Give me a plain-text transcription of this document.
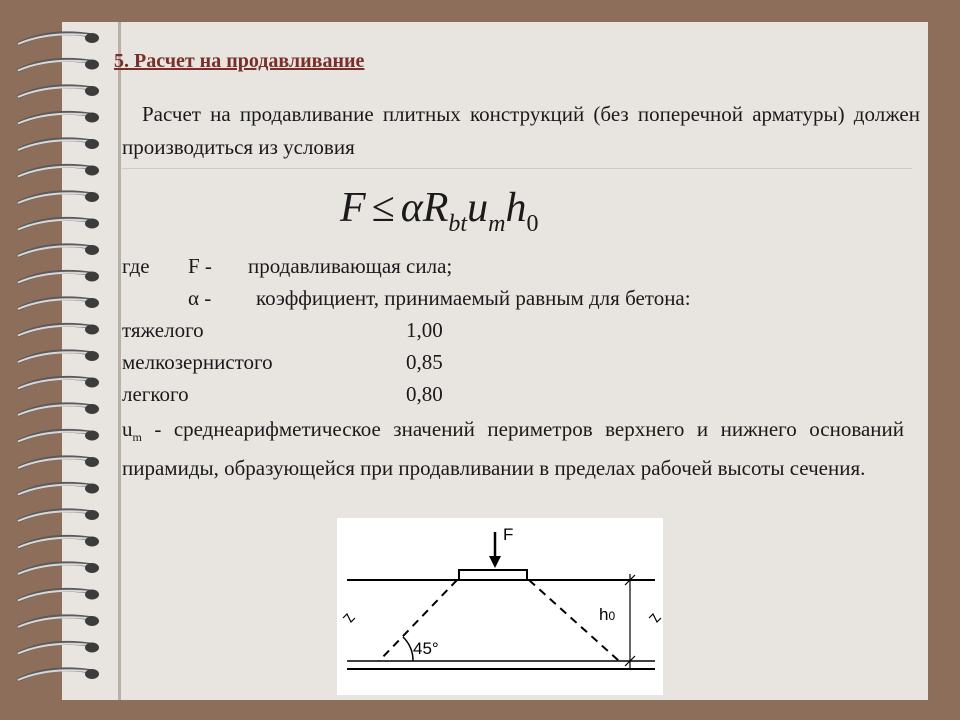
5. Расчет на продавливание
Расчет на продавливание плитных конструкций (без поперечной арматуры) должен производиться из условия
$F \le \alpha R_{bt}u_mh_0$
где F - продавливающая сила;
α - коэффициент, принимаемый равным для бетона:
тяжелого	1,00
мелкозернистого	0,85
легкого	0,80
$u_m$ - среднеарифметическое значений периметров верхнего и нижнего оснований пирамиды, образующейся при продавливании в пределах рабочей высоты сечения.
F
h0
45°
